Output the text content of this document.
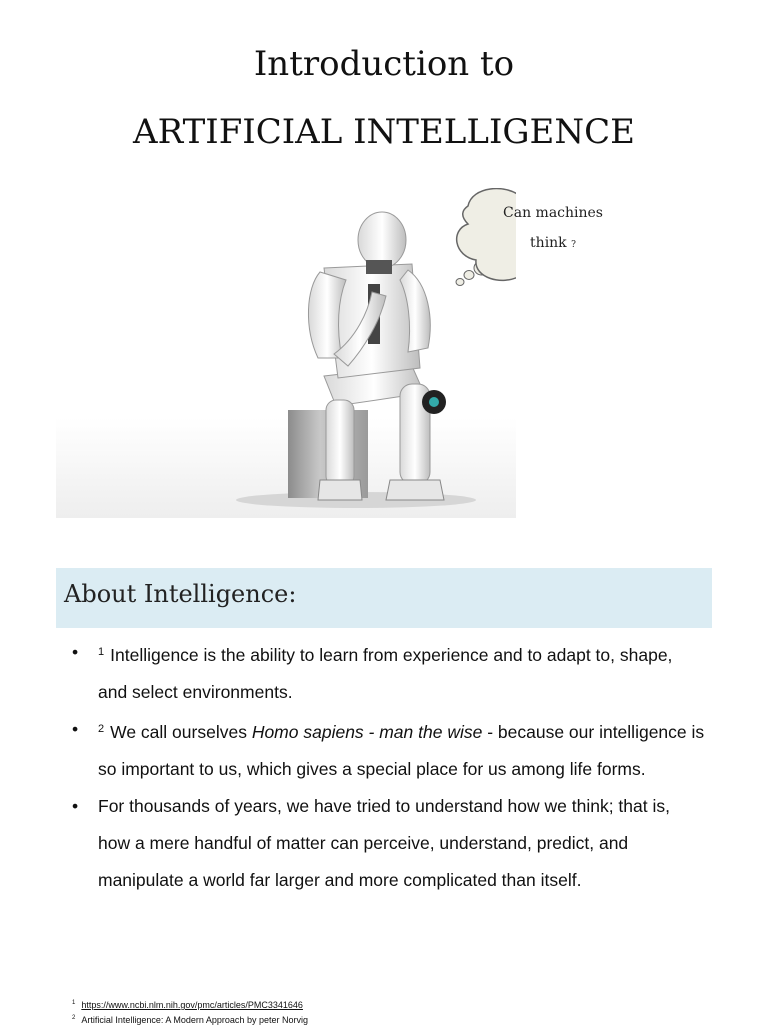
Introduction to
ARTIFICIAL INTELLIGENCE
Can machines
think ?
About Intelligence:
• $^1$ Intelligence is the ability to learn from experience and to adapt to, shape, and select environments.
• $^2$ We call ourselves Homo sapiens - man the wise - because our intelligence is so important to us, which gives a special place for us among life forms.
• For thousands of years, we have tried to understand how we think; that is, how a mere handful of matter can perceive, understand, predict, and manipulate a world far larger and more complicated than itself.
$^1$ https://www.ncbi.nlm.nih.gov/pmc/articles/PMC3341646
$^2$ Artificial Intelligence: A Modern Approach by peter Norvig
